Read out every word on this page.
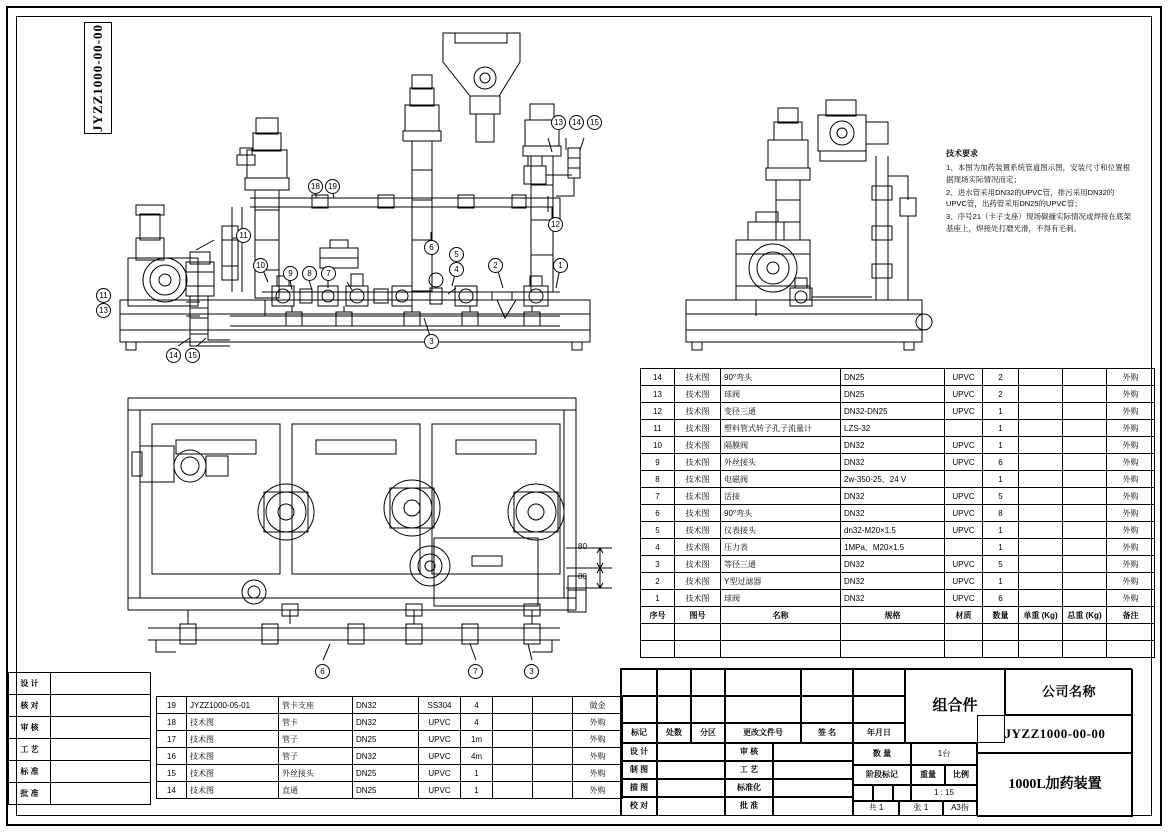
JYZZ1000-00-00	13	14	15
18	19
12
11
6
5
4	2	1
10
9	8	7
3
11
13
14	15
6	7	3
80
80
技术要求

1、本图为加药装置系统管道图示图，安装尺寸和位置根据现场实际情况而定；

2、进水管采用DN32的UPVC管，排污采用DN32的UPVC管，出药管采用DN25的UPVC管；

3、序号21（卡子支座）现场碳撞实际情况或焊接在底架基座上，焊接处打磨光滑，不得有毛刺。

14	技术图	90°弯头	DN25	UPVC	2			外购
13	技术图	球阀	DN25	UPVC	2			外购
12	技术图	变径三通	DN32-DN25	UPVC	1			外购
11	技术图	塑料管式转子孔子流量计	LZS-32		1			外购
10	技术图	隔膜阀	DN32	UPVC	1			外购
9	技术图	外丝接头	DN32	UPVC	6			外购
8	技术图	电磁阀	2w-350-25、24 V		1			外购
7	技术图	活接	DN32	UPVC	5			外购
6	技术图	90°弯头	DN32	UPVC	8			外购
5	技术图	仪表接头	dn32-M20×1.5	UPVC	1			外购
4	技术图	压力表	1MPa、M20×1.5		1			外购
3	技术图	等径三通	DN32	UPVC	5			外购
2	技术图	Y型过滤器	DN32	UPVC	1			外购
1	技术图	球阀	DN32	UPVC	6			外购
序号	图号	名称	规格	材质	数量	单重 (Kg)	总重 (Kg)	备注

19	JYZZ1000-05-01	管卡支座	DN32	SS304	4			做金
18	技术图	管卡	DN32	UPVC	4			外购
17	技术图	管子	DN25	UPVC	1m			外购
16	技术图	管子	DN32	UPVC	4m			外购
15	技术图	外丝接头	DN25	UPVC	1			外购
14	技术图	直通	DN25	UPVC	1			外购
设 计	
核 对	
审 核	
工 艺	
标 准	
批 准	
标记	处数	分区	更改文件号	签 名	年月日
设 计
制 图
描 图
校 对
审 核
工 艺
标准化
批 准
数 量	1台
阶段标记	重量	比例
1 : 15
共 1	张 1	A3指
组合件
公司名称
JYZZ1000-00-00
1000L加药装置
